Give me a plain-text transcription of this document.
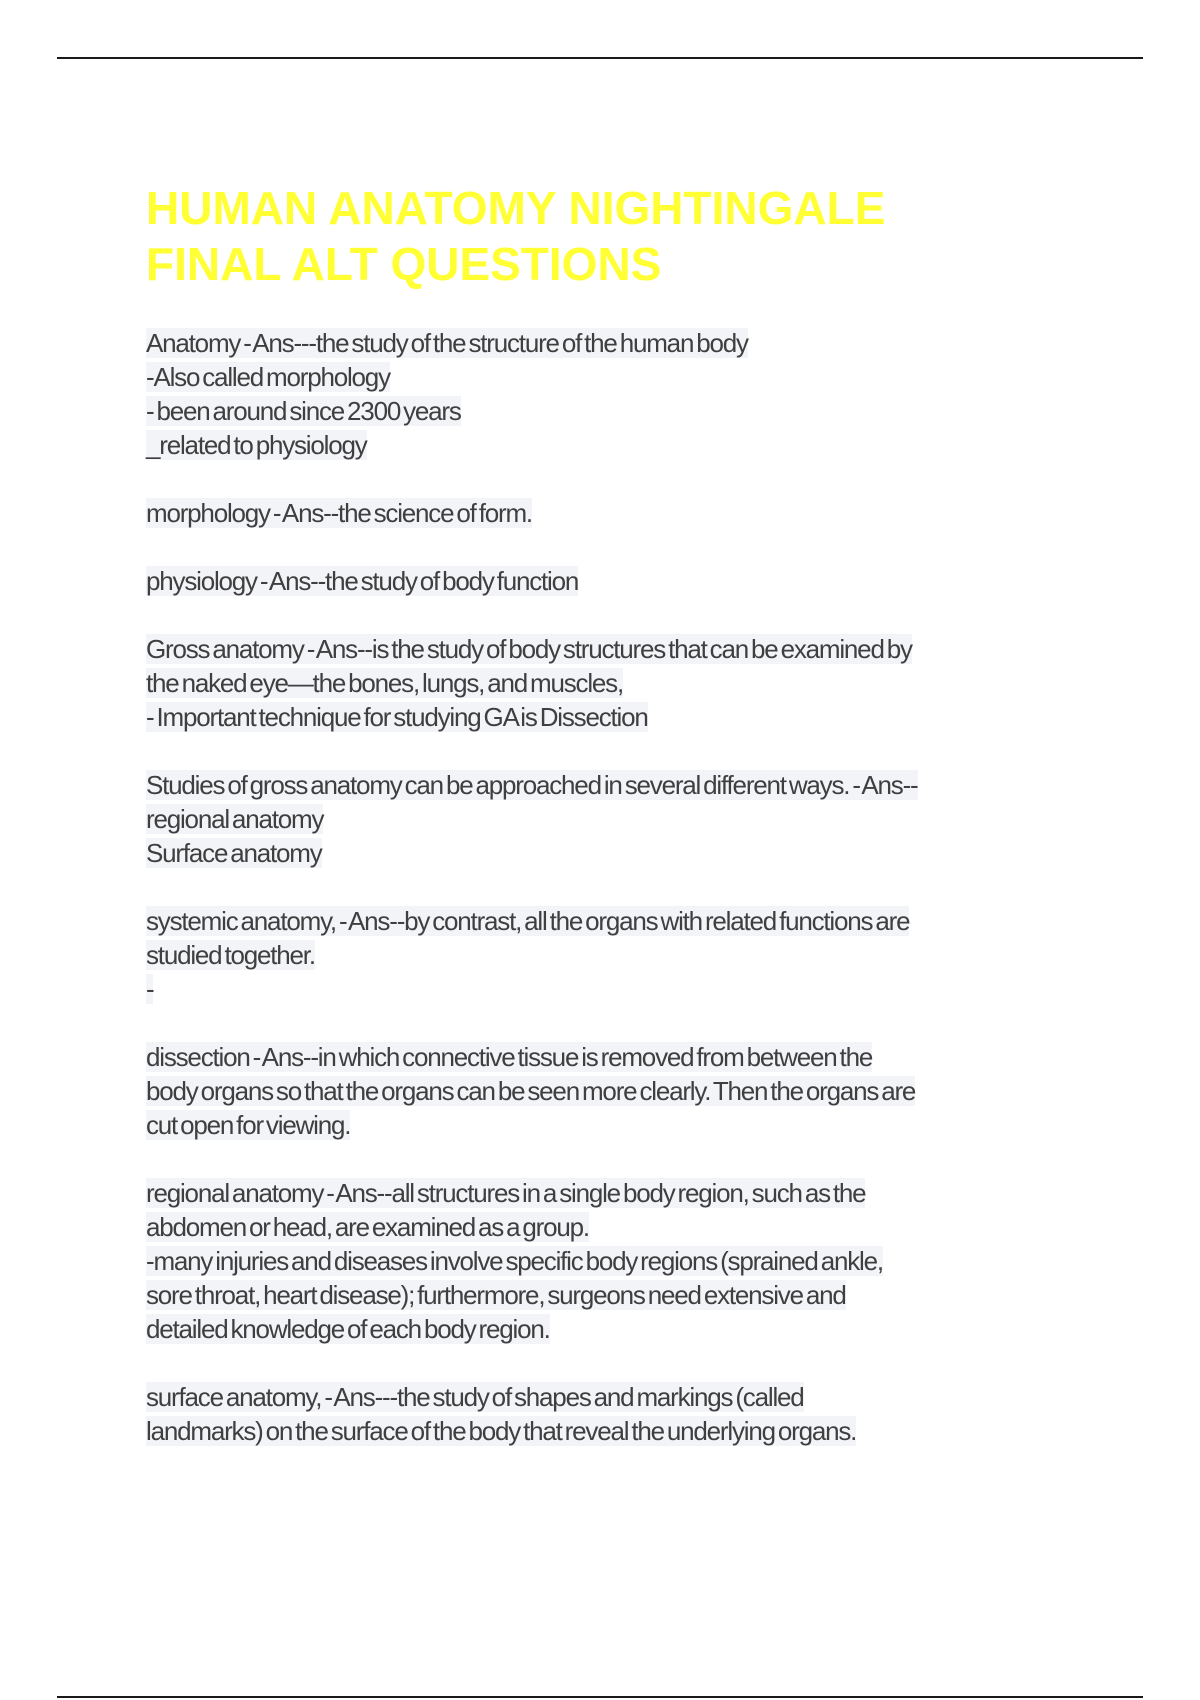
HUMAN ANATOMY NIGHTINGALE
FINAL ALT QUESTIONS
Anatomy - Ans---the study of the structure of the human body
-Also called morphology
- been around since 2300 years
_related to physiology
morphology - Ans--the science of form.
physiology - Ans--the study of body function
Gross anatomy - Ans--is the study of body structures that can be examined by
the naked eye—the bones, lungs, and muscles,
- Important technique for studying GA is Dissection
Studies of gross anatomy can be approached in several different ways. - Ans--
regional anatomy
Surface anatomy
systemic anatomy, - Ans--by contrast, all the organs with related functions are
studied together.
-
dissection - Ans--in which connective tissue is removed from between the
body organs so that the organs can be seen more clearly. Then the organs are
cut open for viewing.
regional anatomy - Ans--all structures in a single body region, such as the
abdomen or head, are examined as a group.
-many injuries and diseases involve specific body regions (sprained ankle,
sore throat, heart disease); furthermore, surgeons need extensive and
detailed knowledge of each body region.
surface anatomy, - Ans---the study of shapes and markings (called
landmarks) on the surface of the body that reveal the underlying organs.
